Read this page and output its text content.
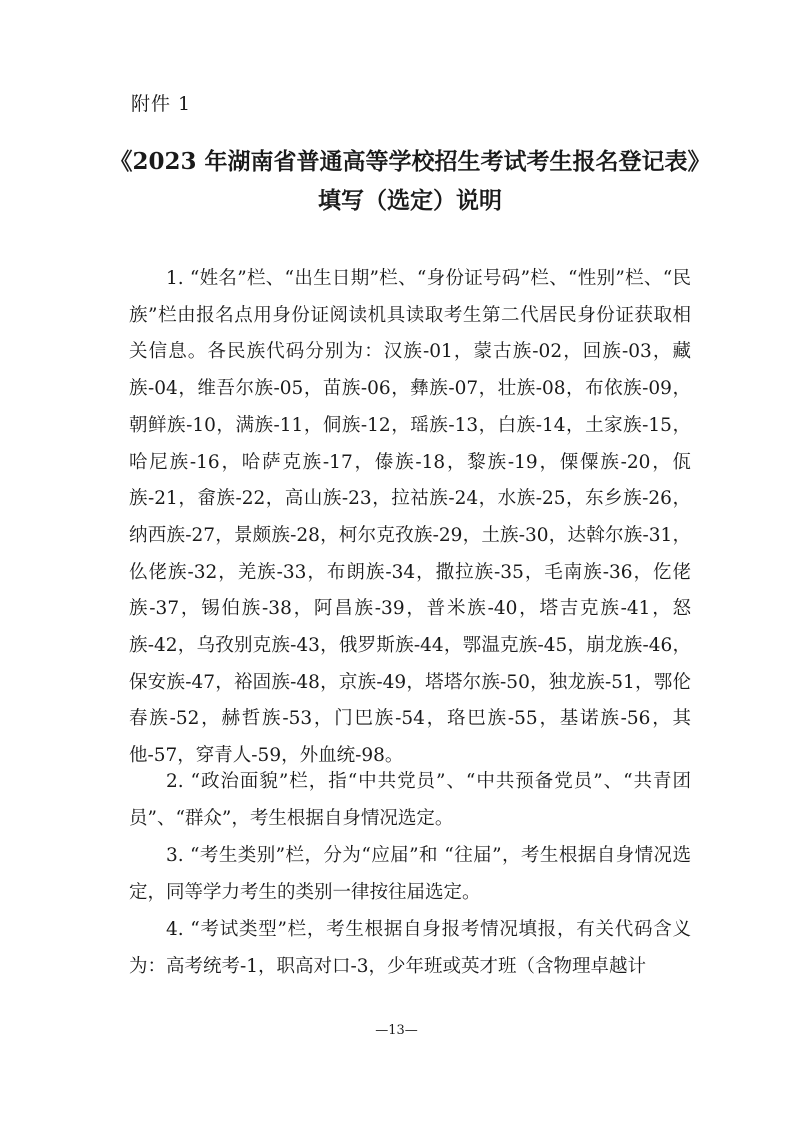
附件 1
《2023 年湖南省普通高等学校招生考试考生报名登记表》
填写（选定）说明

1. “姓名”栏、“出生日期”栏、“身份证号码”栏、“性别”栏、“民族”栏由报名点用身份证阅读机具读取考生第二代居民身份证获取相关信息。各民族代码分别为：汉族-01，蒙古族-02，回族-03，藏族-04，维吾尔族-05，苗族-06，彝族-07，壮族-08，布依族-09，朝鲜族-10，满族-11，侗族-12，瑶族-13，白族-14，土家族-15，哈尼族-16，哈萨克族-17，傣族-18，黎族-19，傈僳族-20，佤族-21，畲族-22，高山族-23，拉祜族-24，水族-25，东乡族-26，纳西族-27，景颇族-28，柯尔克孜族-29，土族-30，达斡尔族-31，仫佬族-32，羌族-33，布朗族-34，撒拉族-35，毛南族-36，仡佬族-37，锡伯族-38，阿昌族-39，普米族-40，塔吉克族-41，怒族-42，乌孜别克族-43，俄罗斯族-44，鄂温克族-45，崩龙族-46，保安族-47，裕固族-48，京族-49，塔塔尔族-50，独龙族-51，鄂伦春族-52，赫哲族-53，门巴族-54，珞巴族-55，基诺族-56，其他-57，穿青人-59，外血统-98。

2. “政治面貌”栏，指“中共党员”、“中共预备党员”、“共青团员”、“群众”，考生根据自身情况选定。

3. “考生类别”栏，分为“应届”和 “往届”，考生根据自身情况选定，同等学力考生的类别一律按往届选定。

4. “考试类型”栏，考生根据自身报考情况填报，有关代码含义为：高考统考-1，职高对口-3，少年班或英才班（含物理卓越计

—13—
